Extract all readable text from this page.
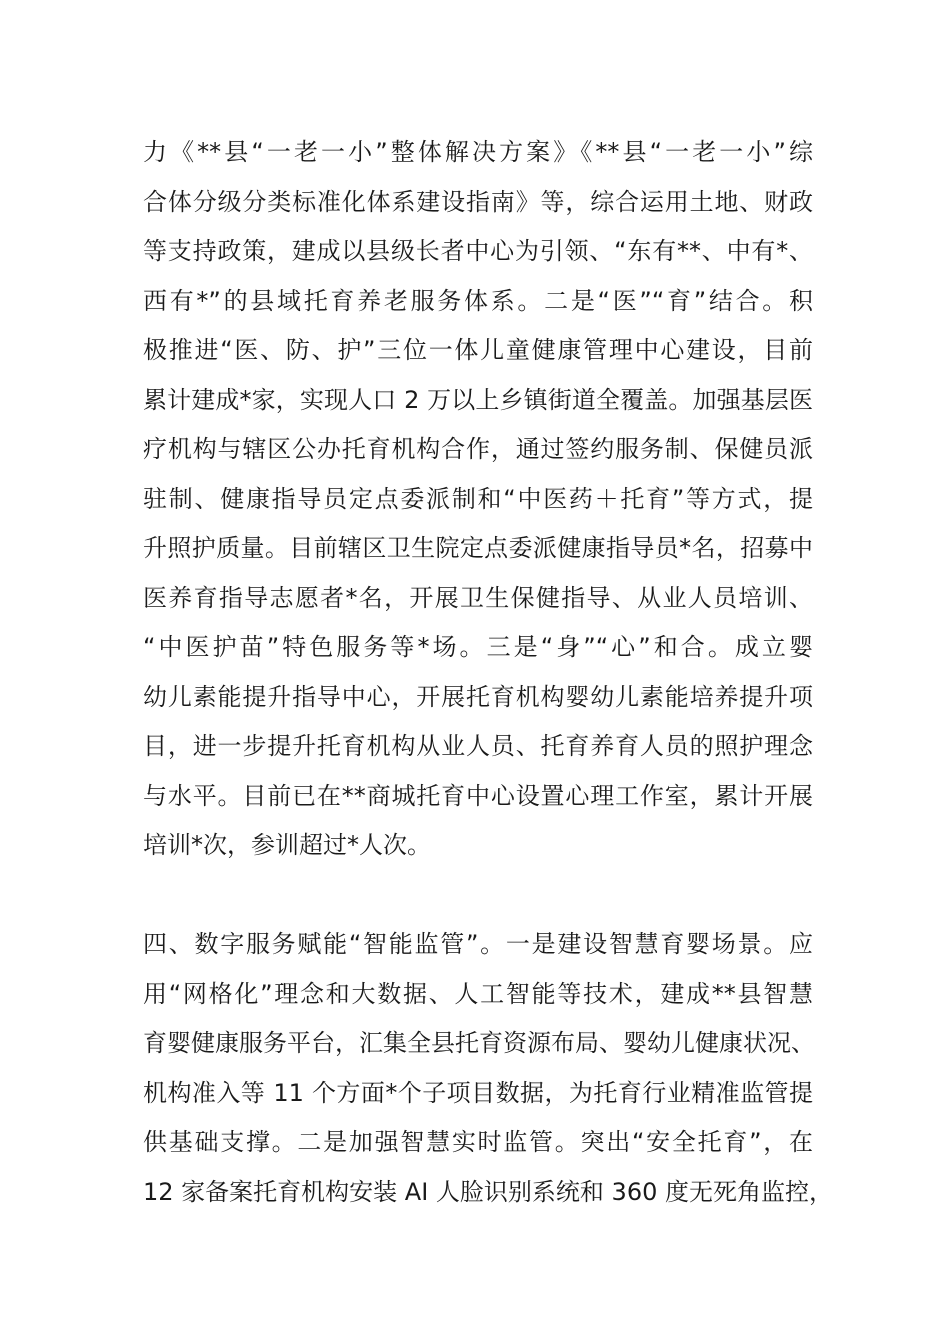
力《**县“一老一小”整体解决方案》《**县“一老一小”综
合体分级分类标准化体系建设指南》等，综合运用土地、财政
等支持政策，建成以县级长者中心为引领、“东有**、中有*、
西有*”的县域托育养老服务体系。二是“医”“育”结合。积
极推进“医、防、护”三位一体儿童健康管理中心建设，目前
累计建成*家，实现人口 2 万以上乡镇街道全覆盖。加强基层医
疗机构与辖区公办托育机构合作，通过签约服务制、保健员派
驻制、健康指导员定点委派制和“中医药＋托育”等方式，提
升照护质量。目前辖区卫生院定点委派健康指导员*名，招募中
医养育指导志愿者*名，开展卫生保健指导、从业人员培训、
“中医护苗”特色服务等*场。三是“身”“心”和合。成立婴
幼儿素能提升指导中心，开展托育机构婴幼儿素能培养提升项
目，进一步提升托育机构从业人员、托育养育人员的照护理念
与水平。目前已在**商城托育中心设置心理工作室，累计开展
培训*次，参训超过*人次。
四、数字服务赋能“智能监管”。一是建设智慧育婴场景。应
用“网格化”理念和大数据、人工智能等技术，建成**县智慧
育婴健康服务平台，汇集全县托育资源布局、婴幼儿健康状况、
机构准入等 11 个方面*个子项目数据，为托育行业精准监管提
供基础支撑。二是加强智慧实时监管。突出“安全托育”，在
12 家备案托育机构安装 AI 人脸识别系统和 360 度无死角监控，
